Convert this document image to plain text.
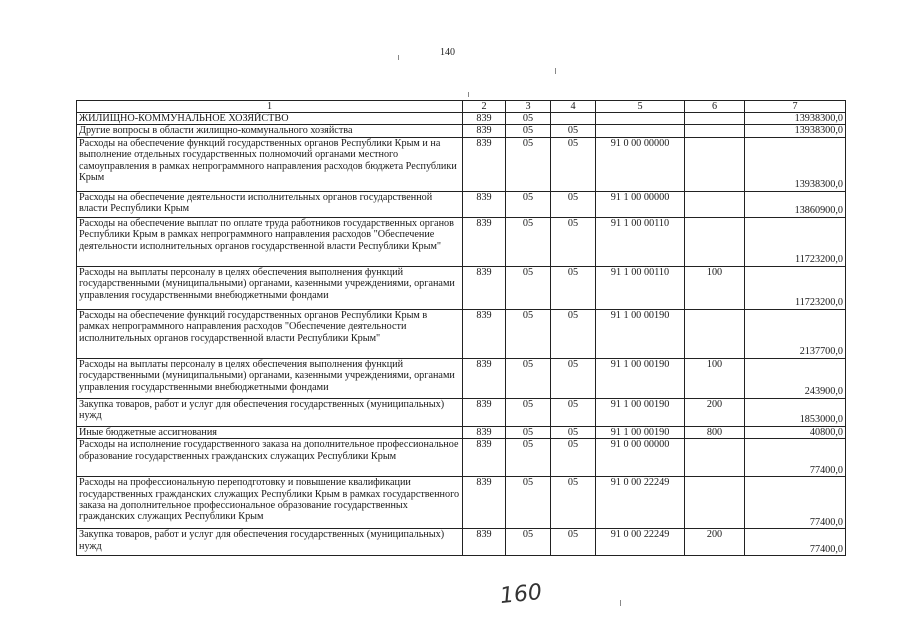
140
1	2	3	4	5	6	7
ЖИЛИЩНО-КОММУНАЛЬНОЕ ХОЗЯЙСТВО	839	05				13938300,0
Другие вопросы в области жилищно-коммунального хозяйства	839	05	05			13938300,0
Расходы на обеспечение функций государственных органов Республики Крым и на выполнение отдельных государственных полномочий органами местного самоуправления в рамках непрограммного направления расходов бюджета Республики Крым	839	05	05	91 0 00 00000		13938300,0
Расходы на обеспечение деятельности исполнительных органов государственной власти Республики Крым	839	05	05	91 1 00 00000		13860900,0
Расходы на обеспечение выплат по оплате труда работников государственных органов Республики Крым в рамках непрограммного направления расходов "Обеспечение деятельности исполнительных органов государственной власти Республики Крым"	839	05	05	91 1 00 00110		11723200,0
Расходы на выплаты персоналу в целях обеспечения выполнения функций государственными (муниципальными) органами, казенными учреждениями, органами управления государственными внебюджетными фондами	839	05	05	91 1 00 00110	100	11723200,0
Расходы на обеспечение функций государственных органов Республики Крым в рамках непрограммного направления расходов "Обеспечение деятельности исполнительных органов государственной власти Республики Крым"	839	05	05	91 1 00 00190		2137700,0
Расходы на выплаты персоналу в целях обеспечения выполнения функций государственными (муниципальными) органами, казенными учреждениями, органами управления государственными внебюджетными фондами	839	05	05	91 1 00 00190	100	243900,0
Закупка товаров, работ и услуг для обеспечения государственных (муниципальных) нужд	839	05	05	91 1 00 00190	200	1853000,0
Иные бюджетные ассигнования	839	05	05	91 1 00 00190	800	40800,0
Расходы на исполнение государственного заказа на дополнительное профессиональное образование государственных гражданских служащих Республики Крым	839	05	05	91 0 00 00000		77400,0
Расходы на профессиональную переподготовку и повышение квалификации государственных гражданских служащих Республики Крым в рамках государственного заказа на дополнительное профессиональное образование государственных гражданских служащих Республики Крым	839	05	05	91 0 00 22249		77400,0
Закупка товаров, работ и услуг для обеспечения государственных (муниципальных) нужд	839	05	05	91 0 00 22249	200	77400,0
160
